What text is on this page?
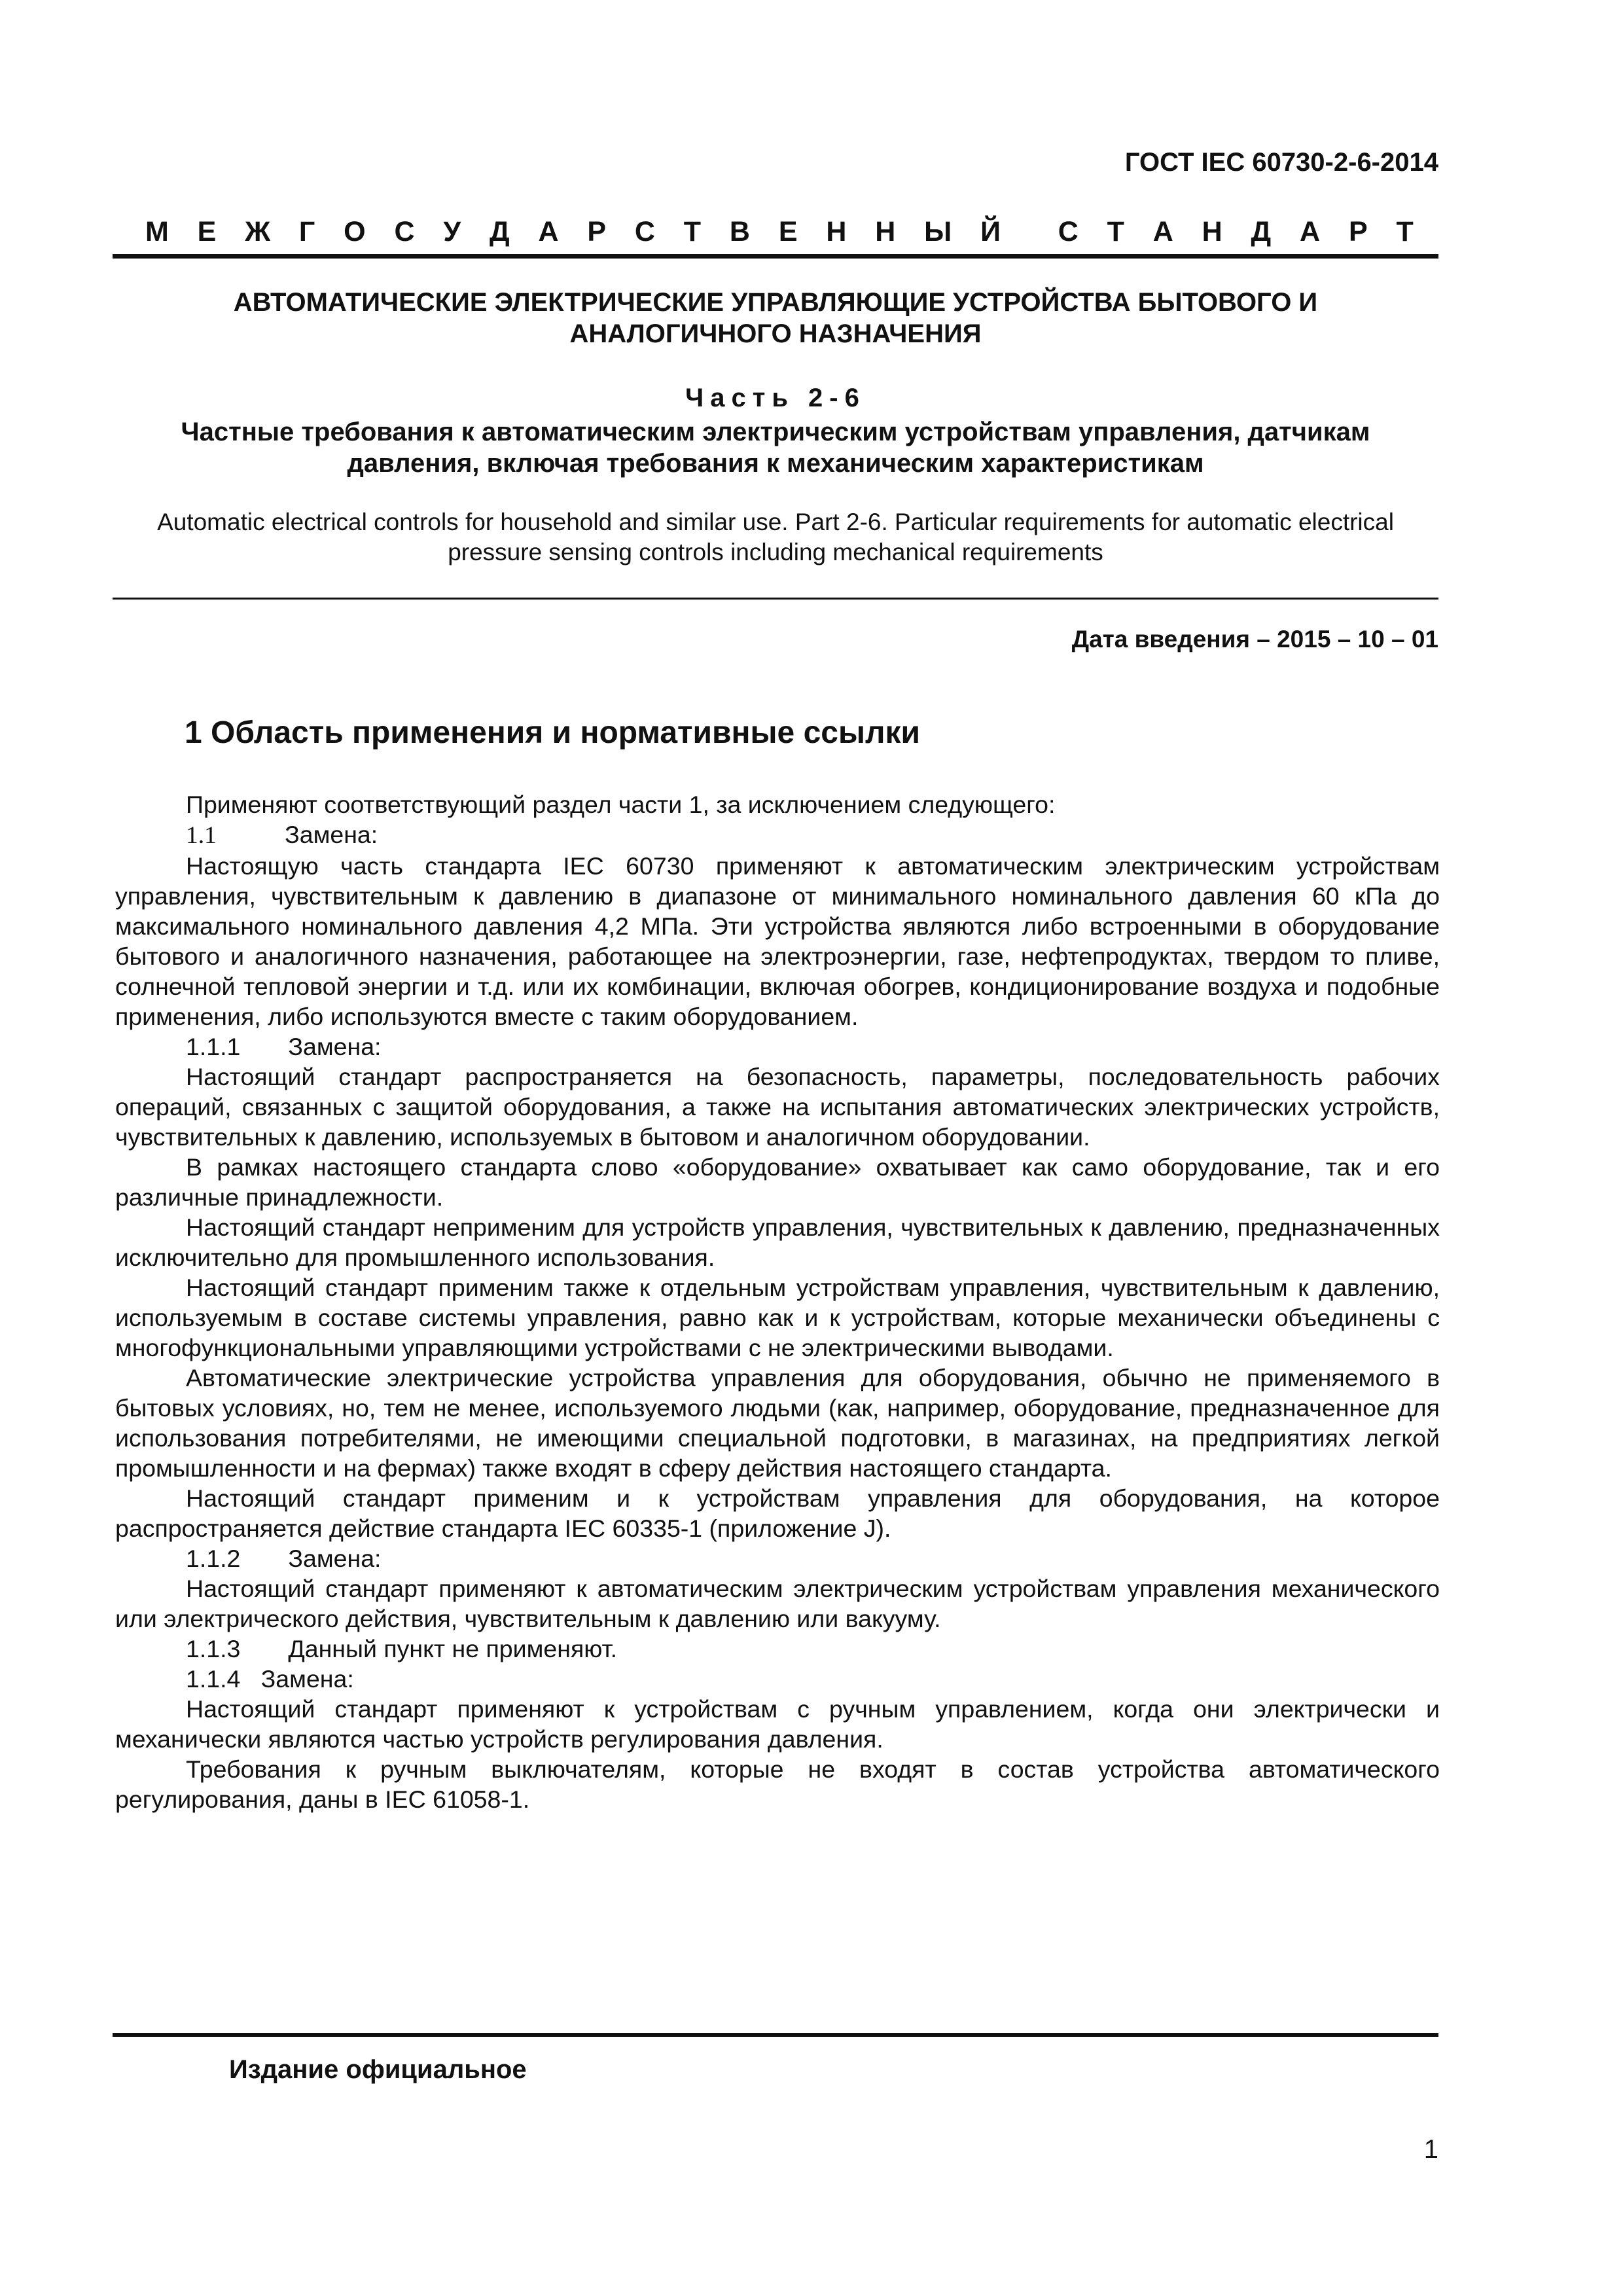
ГОСТ IEC 60730-2-6-2014
М Е Ж Г О С У Д А Р С Т В Е Н Н Ы Й С Т А Н Д А Р Т
АВТОМАТИЧЕСКИЕ ЭЛЕКТРИЧЕСКИЕ УПРАВЛЯЮЩИЕ УСТРОЙСТВА БЫТОВОГО И
АНАЛОГИЧНОГО НАЗНАЧЕНИЯ
Часть 2-6
Частные требования к автоматическим электрическим устройствам управления, датчикам
давления, включая требования к механическим характеристикам
Automatic electrical controls for household and similar use. Part 2-6. Particular requirements for automatic electrical
pressure sensing controls including mechanical requirements
Дата введения – 2015 – 10 – 01
1 Область применения и нормативные ссылки

Применяют соответствующий раздел части 1, за исключением следующего:

1.1	Замена:

Настоящую часть стандарта IEC 60730 применяют к автоматическим электрическим устройствам управления, чувствительным к давлению в диапазоне от минимального номинального давления 60 кПа до максимального номинального давления 4,2 МПа. Эти устройства являются либо встроенными в оборудование бытового и аналогичного назначения, работающее на электроэнергии, газе, нефтепродуктах, твердом то пливе, солнечной тепловой энергии и т.д. или их комбинации, включая обогрев, кондиционирование воздуха и подобные применения, либо используются вместе с таким оборудованием.

1.1.1       Замена:

Настоящий стандарт распространяется на безопасность, параметры, последовательность рабочих операций, связанных с защитой оборудования, а также на испытания автоматических электрических устройств, чувствительных к давлению, используемых в бытовом и аналогичном оборудовании.

В рамках настоящего стандарта слово «оборудование» охватывает как само оборудование, так и его различные принадлежности.

Настоящий стандарт неприменим для устройств управления, чувствительных к давлению, предназначенных исключительно для промышленного использования.

Настоящий стандарт применим также к отдельным устройствам управления, чувствительным к давлению, используемым в составе системы управления, равно как и к устройствам, которые механически объединены с многофункциональными управляющими устройствами с не электрическими выводами.

Автоматические электрические устройства управления для оборудования, обычно не применяемого в бытовых условиях, но, тем не менее, используемого людьми (как, например, оборудование, предназначенное для использования потребителями, не имеющими специальной подготовки, в магазинах, на предприятиях легкой промышленности и на фермах) также входят в сферу действия настоящего стандарта.

Настоящий стандарт применим и к устройствам управления для оборудования, на которое распространяется действие стандарта IEC 60335-1 (приложение J).

1.1.2       Замена:

Настоящий стандарт применяют к автоматическим электрическим устройствам управления механического или электрического действия, чувствительным к давлению или вакууму.

1.1.3       Данный пункт не применяют.

1.1.4   Замена:

Настоящий стандарт применяют к устройствам с ручным управлением, когда они электрически и механически являются частью устройств регулирования давления.

Требования к ручным выключателям, которые не входят в состав устройства автоматического регулирования, даны в IEC 61058-1.

Издание официальное
1
